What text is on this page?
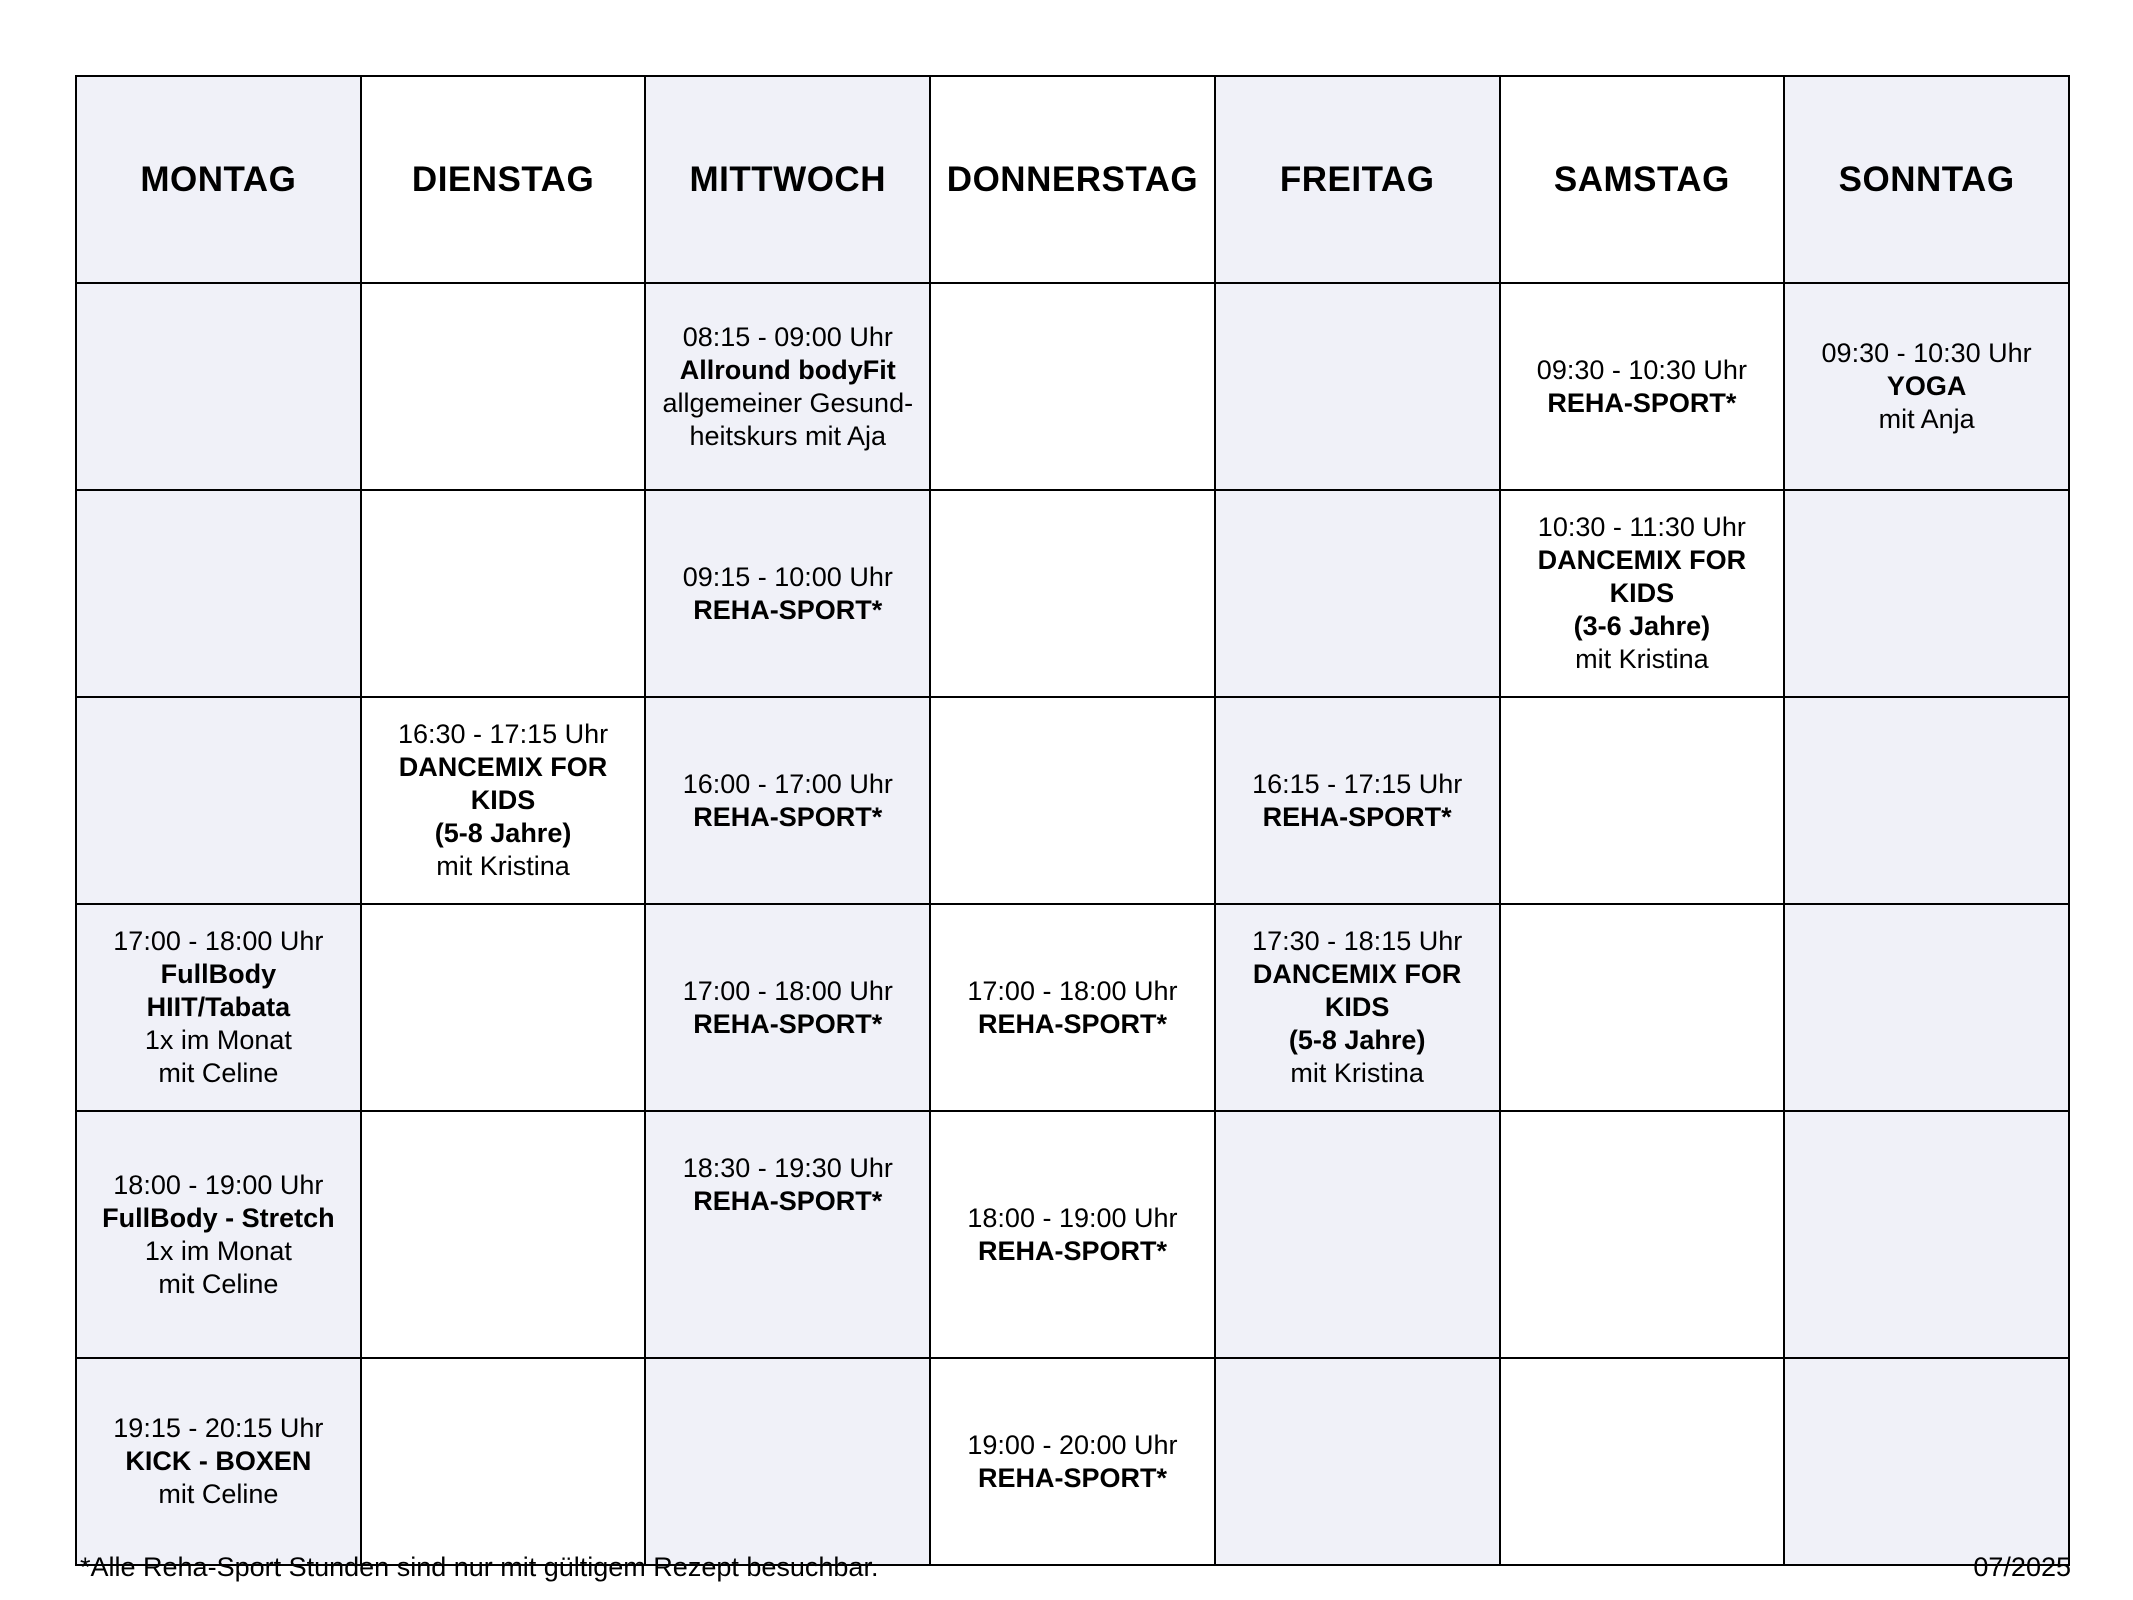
MONTAG	DIENSTAG	MITTWOCH	DONNERSTAG	FREITAG	SAMSTAG	SONNTAG

		08:15 - 09:00 Uhr
Allround bodyFit
allgemeiner Gesund-
heitskurs mit Aja			09:30 - 10:30 Uhr
REHA-SPORT*	09:30 - 10:30 Uhr
YOGA
mit Anja

		09:15 - 10:00 Uhr
REHA-SPORT*			10:30 - 11:30 Uhr
DANCEMIX FOR KIDS
(3-6 Jahre)
mit Kristina	

	16:30 - 17:15 Uhr
DANCEMIX FOR KIDS
(5-8 Jahre)
mit Kristina	16:00 - 17:00 Uhr
REHA-SPORT*		16:15 - 17:15 Uhr
REHA-SPORT*		

17:00 - 18:00 Uhr
FullBody
HIIT/Tabata
1x im Monat
mit Celine		17:00 - 18:00 Uhr
REHA-SPORT*	17:00 - 18:00 Uhr
REHA-SPORT*	17:30 - 18:15 Uhr
DANCEMIX FOR KIDS
(5-8 Jahre)
mit Kristina		

18:00 - 19:00 Uhr
FullBody - Stretch
1x im Monat
mit Celine		18:30 - 19:30 Uhr
REHA-SPORT*	18:00 - 19:00 Uhr
REHA-SPORT*			

19:15 - 20:15 Uhr
KICK - BOXEN
mit Celine			19:00 - 20:00 Uhr
REHA-SPORT*			

*Alle Reha-Sport Stunden sind nur mit gültigem Rezept besuchbar.	07/2025
